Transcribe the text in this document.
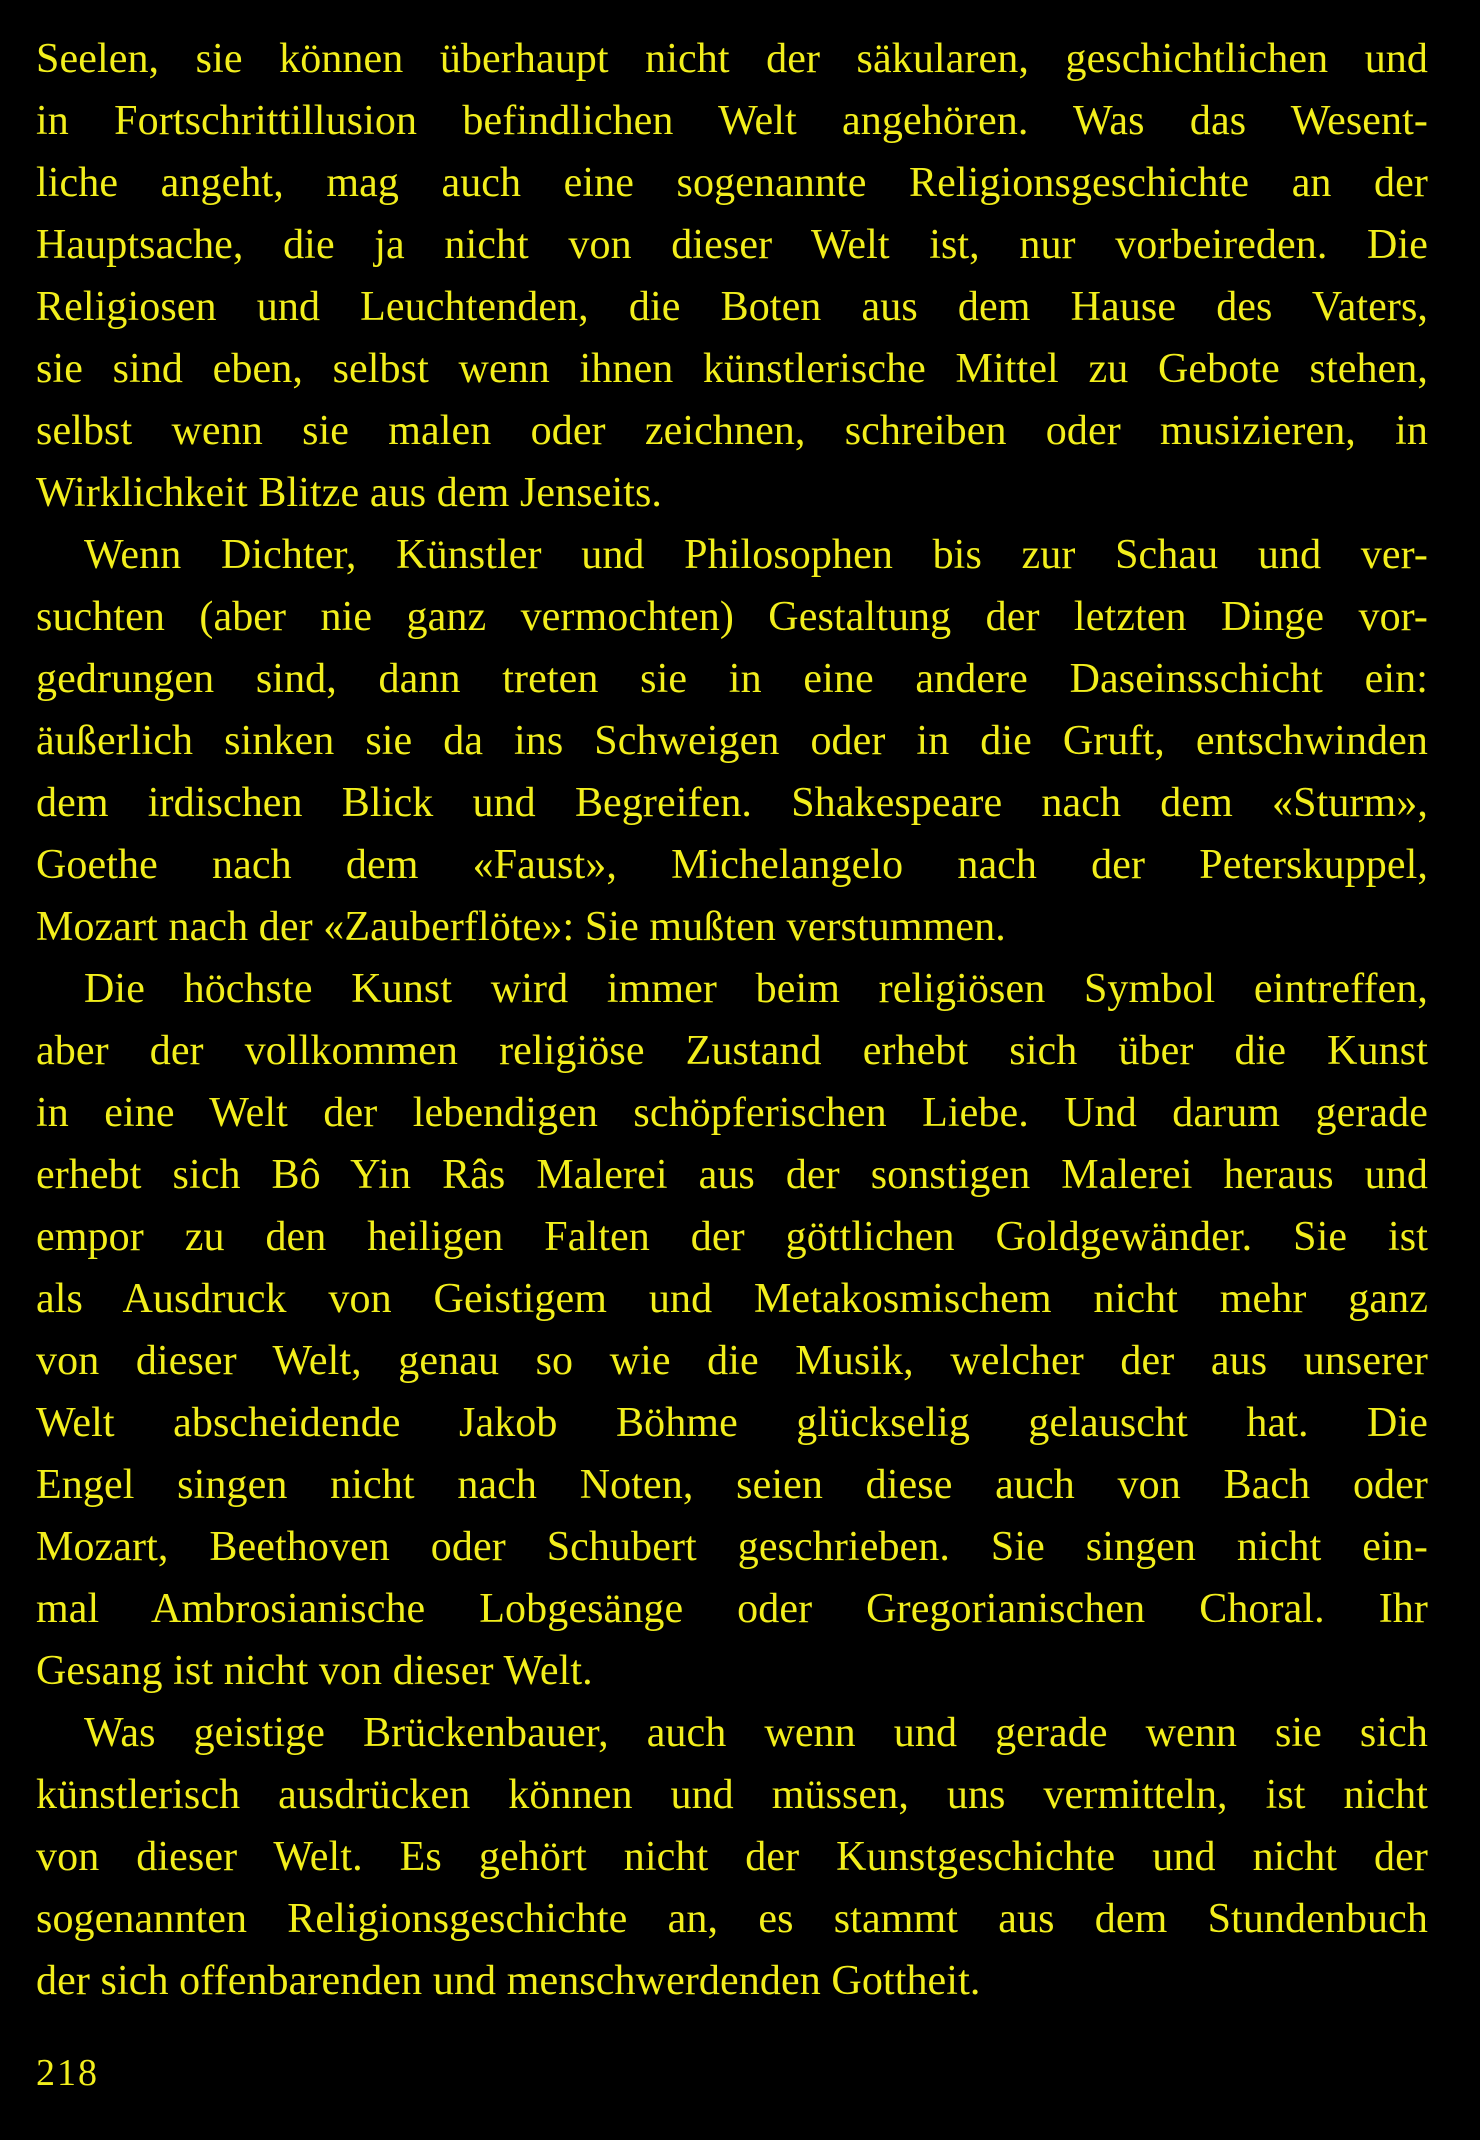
Seelen, sie können überhaupt nicht der säkularen, geschichtlichen und
in Fortschrittillusion befindlichen Welt angehören. Was das Wesent-
liche angeht, mag auch eine sogenannte Religionsgeschichte an der
Hauptsache, die ja nicht von dieser Welt ist, nur vorbeireden. Die
Religiosen und Leuchtenden, die Boten aus dem Hause des Vaters,
sie sind eben, selbst wenn ihnen künstlerische Mittel zu Gebote stehen,
selbst wenn sie malen oder zeichnen, schreiben oder musizieren, in
Wirklichkeit Blitze aus dem Jenseits.
Wenn Dichter, Künstler und Philosophen bis zur Schau und ver-
suchten (aber nie ganz vermochten) Gestaltung der letzten Dinge vor-
gedrungen sind, dann treten sie in eine andere Daseinsschicht ein:
äußerlich sinken sie da ins Schweigen oder in die Gruft, entschwinden
dem irdischen Blick und Begreifen. Shakespeare nach dem «Sturm»,
Goethe nach dem «Faust», Michelangelo nach der Peterskuppel,
Mozart nach der «Zauberflöte»: Sie mußten verstummen.
Die höchste Kunst wird immer beim religiösen Symbol eintreffen,
aber der vollkommen religiöse Zustand erhebt sich über die Kunst
in eine Welt der lebendigen schöpferischen Liebe. Und darum gerade
erhebt sich Bô Yin Râs Malerei aus der sonstigen Malerei heraus und
empor zu den heiligen Falten der göttlichen Goldgewänder. Sie ist
als Ausdruck von Geistigem und Metakosmischem nicht mehr ganz
von dieser Welt, genau so wie die Musik, welcher der aus unserer
Welt abscheidende Jakob Böhme glückselig gelauscht hat. Die
Engel singen nicht nach Noten, seien diese auch von Bach oder
Mozart, Beethoven oder Schubert geschrieben. Sie singen nicht ein-
mal Ambrosianische Lobgesänge oder Gregorianischen Choral. Ihr
Gesang ist nicht von dieser Welt.
Was geistige Brückenbauer, auch wenn und gerade wenn sie sich
künstlerisch ausdrücken können und müssen, uns vermitteln, ist nicht
von dieser Welt. Es gehört nicht der Kunstgeschichte und nicht der
sogenannten Religionsgeschichte an, es stammt aus dem Stundenbuch
der sich offenbarenden und menschwerdenden Gottheit.
218
